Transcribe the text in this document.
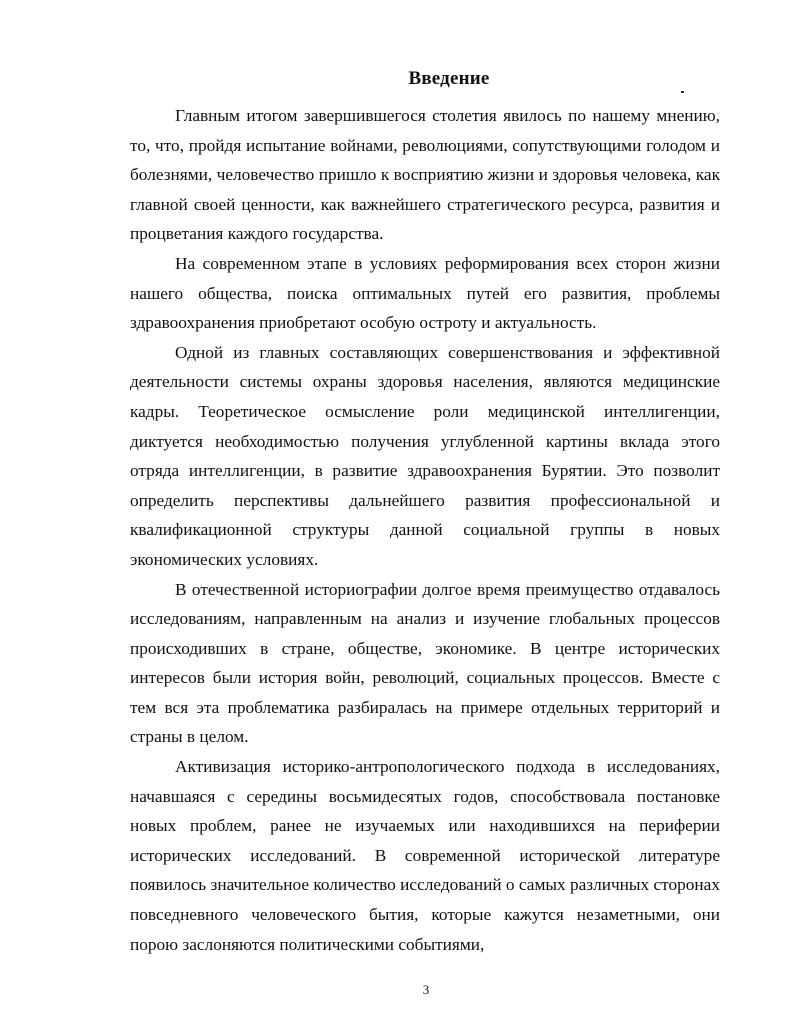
Введение

Главным итогом завершившегося столетия явилось по нашему мнению, то, что, пройдя испытание войнами, революциями, сопутствующими голодом и болезнями, человечество пришло к восприятию жизни и здоровья человека, как главной своей ценности, как важнейшего стратегического ресурса, развития и процветания каждого государства.

На современном этапе в условиях реформирования всех сторон жизни нашего общества, поиска оптимальных путей его развития, проблемы здравоохранения приобретают особую остроту и актуальность.

Одной из главных составляющих совершенствования и эффективной деятельности системы охраны здоровья населения, являются медицинские кадры. Теоретическое осмысление роли медицинской интеллигенции, диктуется необходимостью получения углубленной картины вклада этого отряда интеллигенции, в развитие здравоохранения Бурятии. Это позволит определить перспективы дальнейшего развития профессиональной и квалификационной структуры данной социальной группы в новых экономических условиях.

В отечественной историографии долгое время преимущество отдавалось исследованиям, направленным на анализ и изучение глобальных процессов происходивших в стране, обществе, экономике. В центре исторических интересов были история войн, революций, социальных процессов. Вместе с тем вся эта проблематика разбиралась на примере отдельных территорий и страны в целом.

Активизация историко-антропологического подхода в исследованиях, начавшаяся с середины восьмидесятых годов, способствовала постановке новых проблем, ранее не изучаемых или находившихся на периферии исторических исследований. В современной исторической литературе появилось значительное количество исследований о самых различных сторонах повседневного человеческого бытия, которые кажутся незаметными, они порою заслоняются политическими событиями,

3
